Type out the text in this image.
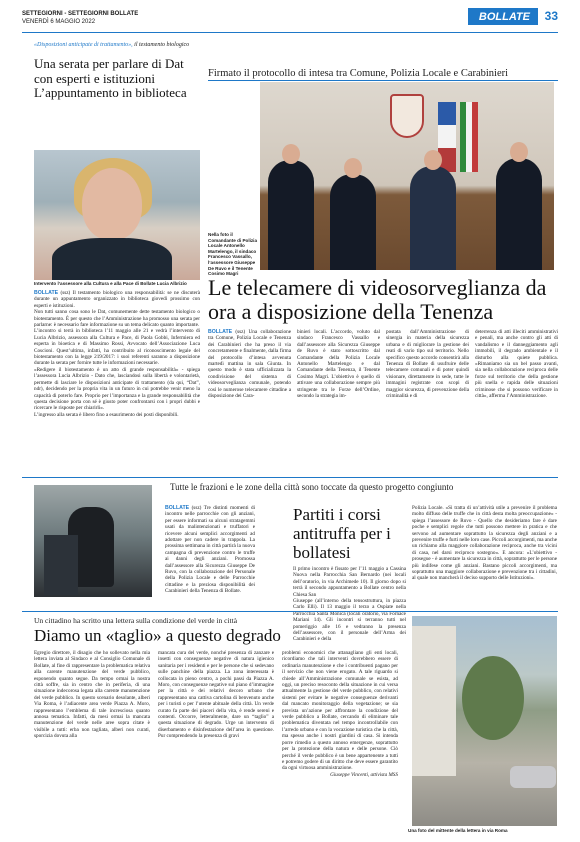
SETTEGIORNI - SETTEGIORNI BOLLATE
VENERDÌ 6 MAGGIO 2022	BOLLATE	33
«Disposizioni anticipate di trattamento», il testamento biologico
Una serata per parlare di Dat con esperti e istituzioni L’appuntamento in biblioteca
Intervento l’assessore alla Cultura e alla Pace di Bollate Lucia Albrizio

BOLLATE (ssz) Il testamento biologico una responsabilità: se ne discuterà durante un appuntamento organizzato in biblioteca giovedì prossimo con esperti e istituzioni.

Non tutti sanno cosa sono le Dat, comunemente dette testamento biologico o biotestamento. È per questo che l’Amministrazione ha promosso una serata per parlarne: è necessario fare informazione su un tema delicato quanto importante.

L’incontro si terrà in biblioteca l’11 maggio alle 21 e vedrà l’intervento di Lucia Albrizio, assessora alla Cultura e Pace, di Paola Gobbi, Infermiera ed esperta in bioetica e di Massimo Rossi, Avvocato dell’Associazione Luca Coscioni. Quest’ultima, infatti, ha contribuito al riconoscimento legale del biotestamento con la legge 219/2017: i suoi referenti saranno a disposizione durante la serata per fornire tutte le informazioni necessarie.

«Redigere il biotestamento è un atto di grande responsabilità» - spiega l’assessora Lucia Albrizio - Dato che, lasciandosi sulla libertà e volontarietà, permette di lasciare le disposizioni anticipate di trattamento (da qui, “Dat”, ndr), decidendo per la propria vita in un futuro in cui potrebbe venir meno la capacità di poterlo fare. Proprio per l’importanza e la grande responsabilità che questa decisione porta con sé è giusto poter confrontarsi con i propri dubbi e ricercare le risposte per chiarirli».

L’ingresso alla serata è libero fino a esaurimento dei posti disponibili.

Firmato il protocollo di intesa tra Comune, Polizia Locale e Carabinieri
Nella foto il Comandante di Polizia Locale Antonello Martelengo, il sindaco Francesco Vassallo, l’assessore Giuseppe De Ruvo e il Tenente Cosimo Magri
Le telecamere di videosorveglianza da ora a disposizione della Tenenza
BOLLATE (ssz) Una collaborazione tra Comune, Polizia Locale e Tenenza dei Carabinieri che ha preso il via concretamente e finalmente, dalla firma del protocollo d’intesa avvenuta martedì mattina in sala Giunta. In questo modo è stata ufficializzata la condivisione del sistema di videosorveglianza comunale, potendo così le numerose telecamere cittadine a disposizione dei Cara-
binieri locali. L’accordo, voluto dal sindaco Francesco Vassallo e dall’assessore alla Sicurezza Giuseppe de Ruvo è stato sottoscritto dal Comandante della Polizia Locale Antonello Martelengo e dal Comandante della Tenenza, il Tenente Cosimo Magri. L’obiettivo è quello di attivare una collaborazione sempre più stringente tra le Forze dell’Ordine, secondo la strategia im-
postata dall’Amministrazione di sinergia in materia della sicurezza urbana e di migliorare la gestione dei reati di vario tipo sul territorio. Nello specifico questo accordo consentirà alla Tenenza di Bollate di usufruire delle telecamere comunali e di poter quindi visionare, direttamente in sede, tutte le immagini registrate con scopi di maggior sicurezza, di prevenzione della criminalità e di
deterrenza di atti illeciti amministrativi e penali, ma anche contro gli atti di vandalismo e il danneggiamento agli immobili, il degrado ambientale e il disturbo alla quiete pubblica. «Rimaniamo sia un bel passo avanti, sia nella collaborazione reciproca delle forze sul territorio che della gestione più snella e rapida delle situazioni criminose che si possono verificare in città», afferma l’Amministrazione.
Tutte le frazioni e le zone della città sono toccate da questo progetto congiunto
BOLLATE (ssz) Tre distinti momenti di incontro nelle parrocchie con gli anziani, per essere informati su alcuni stratagemmi usati da malintenzionati e truffatori e ricevere alcuni semplici accorgimenti ad adottare per non cadere in trappola. La prossima settimana in città partirà la nuova campagna di prevenzione contro le truffe ai danni degli anziani. Promossa dall’assessore alla Sicurezza Giuseppe De Ruvo, con la collaborazione del Personale della Polizia Locale e delle Parrocchie cittadine e la preziosa disponibilità dei Carabinieri della Tenenza di Bollate.
Partiti i corsi antitruffa per i bollatesi

Il primo incontro è fissato per l’11 maggio a Cassina Nuova nella Parrocchia San Bernardo (nei locali dell’oratorio, in via Archimede 10). Il giorno dopo si terrà il secondo appuntamento a Bollate centro nella Chiesa San

Giuseppe (all’interno della tensostruttura, in piazza Carlo Elli). Il 13 maggio il terzo a Ospiate nella Parrocchia Santa Monica (locali oratorio, via Fornace Mariani 14). Gli incontri si terranno tutti nel pomeriggio alle 16 e vedranno la presenza dell’assessore, con il personale dell’Arma dei Carabinieri e della

Polizia Locale. «Si tratta di un’attività utile a prevenire il problema molto diffuso delle truffe che in città desta molta preoccupazione» - spiega l’assessore de Ruvo - Quello che desideriamo fare è dare poche e semplici regole che tutti possono mettere in pratica e che servono ad aumentare soprattutto la sicurezza degli anziani e a prevenire truffe e furti nelle loro case. Piccoli accorgimenti, ma anche un richiamo alla maggiore collaborazione reciproca, anche tra vicini di casa, nel darsi reciproco sostegno». E ancora: «L’obiettivo - prosegue - è aumentare la sicurezza in città, soprattutto per le persone più indifese come gli anziani. Bastano piccoli accorgimenti, ma soprattutto una maggiore collaborazione e prevenzione tra i cittadini, al quale non mancherà il deciso supporto delle Istituzioni».
Un cittadino ha scritto una lettera sulla condizione del verde in città
Diamo un «taglio» a questo degrado
Egregio direttore, il disagio che ho sollevato nella mia lettera inviata al Sindaco e al Consiglio Comunale di Bollate, al fine di rappresentare la problematica relativa alla carente manutenzione del verde pubblico, esponendo quanto segue. Da tempo ormai la nostra città soffre, sia in centro che in periferia, di una situazione indecorosa legata alla carente manutenzione del verde pubblico. In questo scenario desolante, alberi Via Roma, è l’adiacente area verde Piazza A. Moro, rappresentano l’emblema di tale incresciosa quanto annosa tematica. Infatti, da mesi ormai la mancata manutenzione del verde nelle aree sopra citate è visibile a tutti: erba non tagliata, alberi non curati, sporcizia dovuta alla
mancata cura del verde, nonché presenza di zanzare e insetti con conseguenze negative di natura igienico sanitaria per i residenti e per le persone che si sedevano sulle panchine della piazza. La zona interessata è collocata in pieno centro, a pochi passi da Piazza A. Moro, con conseguenze negative sul piano d’immagine per la città e dei relativi decoro urbano che rappresentano una cattiva cartolina di benvenuto anche per i turisti o per l’utente abituale della città. Un verde curato fa parte dei piaceri della vita, è rende sereni e contenti. Occorre, letteralmente, dare un “taglio” a questa situazione di degrado. Urge un intervento di diserbamento e disinfestazione dell’area in questione. Pur comprendendo la presenza di gravi

problemi economici che attanagliano gli enti locali, ricordiamo che tali interventi dovrebbero essere di ordinaria manutenzione e che i contribuenti pagano per il servizio che non viene erogato. A tale riguardo si chiede all’Amministrazione comunale se esista, ad oggi, un preciso resoconto della situazione in cui versa attualmente la gestione del verde pubblico, con relativi sistemi per evitare le negative conseguenze derivanti dal mancato monitoraggio della vegetazione; se sia prevista un’azione per affrontare la condizione del verde pubblico a Bollate, cercando di eliminare tale problematica diventata nel tempo incontrollabile con l’arredo urbano e con la vocazione turistica che la città, ma spesso anche i nostri giardini di casa. Si intenda porre rimedio a questo annoso emergenze, soprattutto per la protezione della natura e delle persone. Ciò perché il verde pubblico è un bene appartenente a tutti e potremo godere di un diritto che deve essere garantito da ogni virtuosa amministrazione.

Giuseppe Vincenti, attivista MSS

Una foto del mittente della lettera in via Roma
